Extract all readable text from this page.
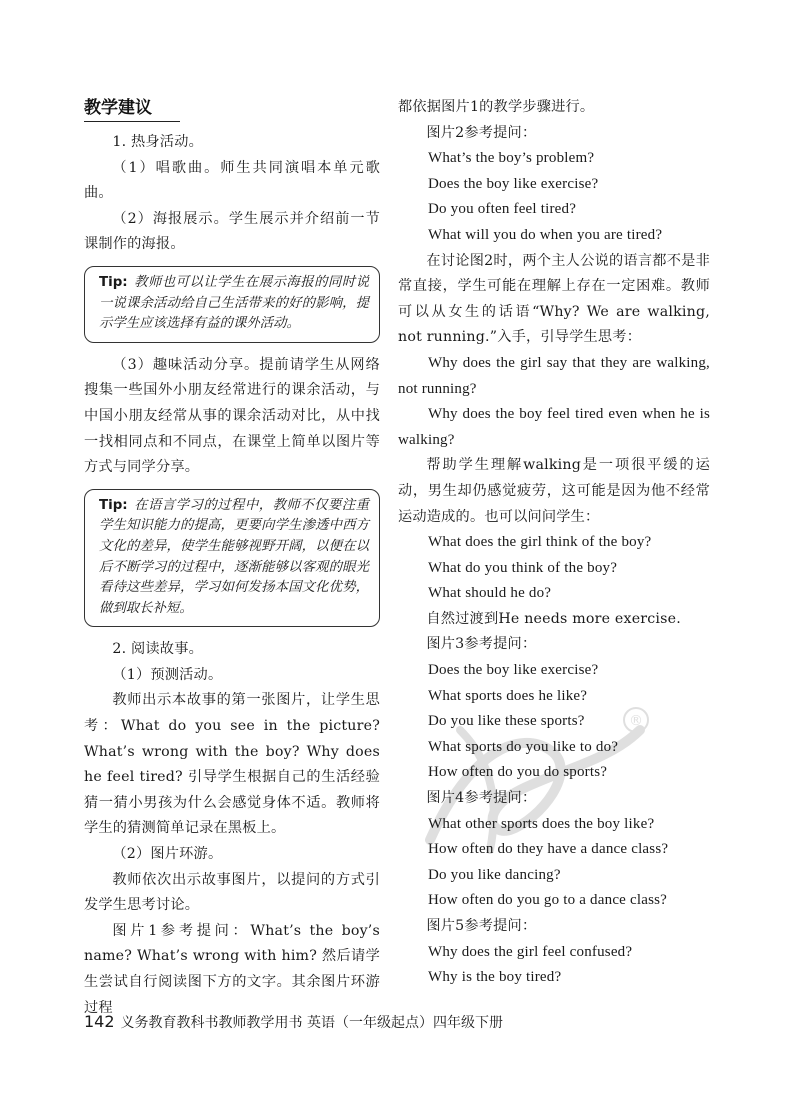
®
教学建议

1. 热身活动。

（1）唱歌曲。师生共同演唱本单元歌曲。

（2）海报展示。学生展示并介绍前一节课制作的海报。

Tip: 教师也可以让学生在展示海报的同时说一说课余活动给自己生活带来的好的影响，提示学生应该选择有益的课外活动。

（3）趣味活动分享。提前请学生从网络搜集一些国外小朋友经常进行的课余活动，与中国小朋友经常从事的课余活动对比，从中找一找相同点和不同点，在课堂上简单以图片等方式与同学分享。

Tip: 在语言学习的过程中，教师不仅要注重学生知识能力的提高，更要向学生渗透中西方文化的差异，使学生能够视野开阔，以便在以后不断学习的过程中，逐渐能够以客观的眼光看待这些差异，学习如何发扬本国文化优势，做到取长补短。

2. 阅读故事。

（1）预测活动。

教师出示本故事的第一张图片，让学生思考：What do you see in the picture? What’s wrong with the boy? Why does he feel tired? 引导学生根据自己的生活经验猜一猜小男孩为什么会感觉身体不适。教师将学生的猜测简单记录在黑板上。

（2）图片环游。

教师依次出示故事图片，以提问的方式引发学生思考讨论。

图片1参考提问：What’s the boy’s name? What’s wrong with him? 然后请学生尝试自行阅读图下方的文字。其余图片环游过程

都依据图片1的教学步骤进行。

图片2参考提问：

What’s the boy’s problem?

Does the boy like exercise?

Do you often feel tired?

What will you do when you are tired?

在讨论图2时，两个主人公说的语言都不是非常直接，学生可能在理解上存在一定困难。教师可以从女生的话语“Why? We are walking, not running.”入手，引导学生思考：

Why does the girl say that they are walking, not running?

Why does the boy feel tired even when he is walking?

帮助学生理解walking是一项很平缓的运动，男生却仍感觉疲劳，这可能是因为他不经常运动造成的。也可以问问学生：

What does the girl think of the boy?

What do you think of the boy?

What should he do?

自然过渡到He needs more exercise.

图片3参考提问：

Does the boy like exercise?

What sports does he like?

Do you like these sports?

What sports do you like to do?

How often do you do sports?

图片4参考提问：

What other sports does the boy like?

How often do they have a dance class?

Do you like dancing?

How often do you go to a dance class?

图片5参考提问：

Why does the girl feel confused?

Why is the boy tired?

142 义务教育教科书教师教学用书 英语（一年级起点）四年级下册
